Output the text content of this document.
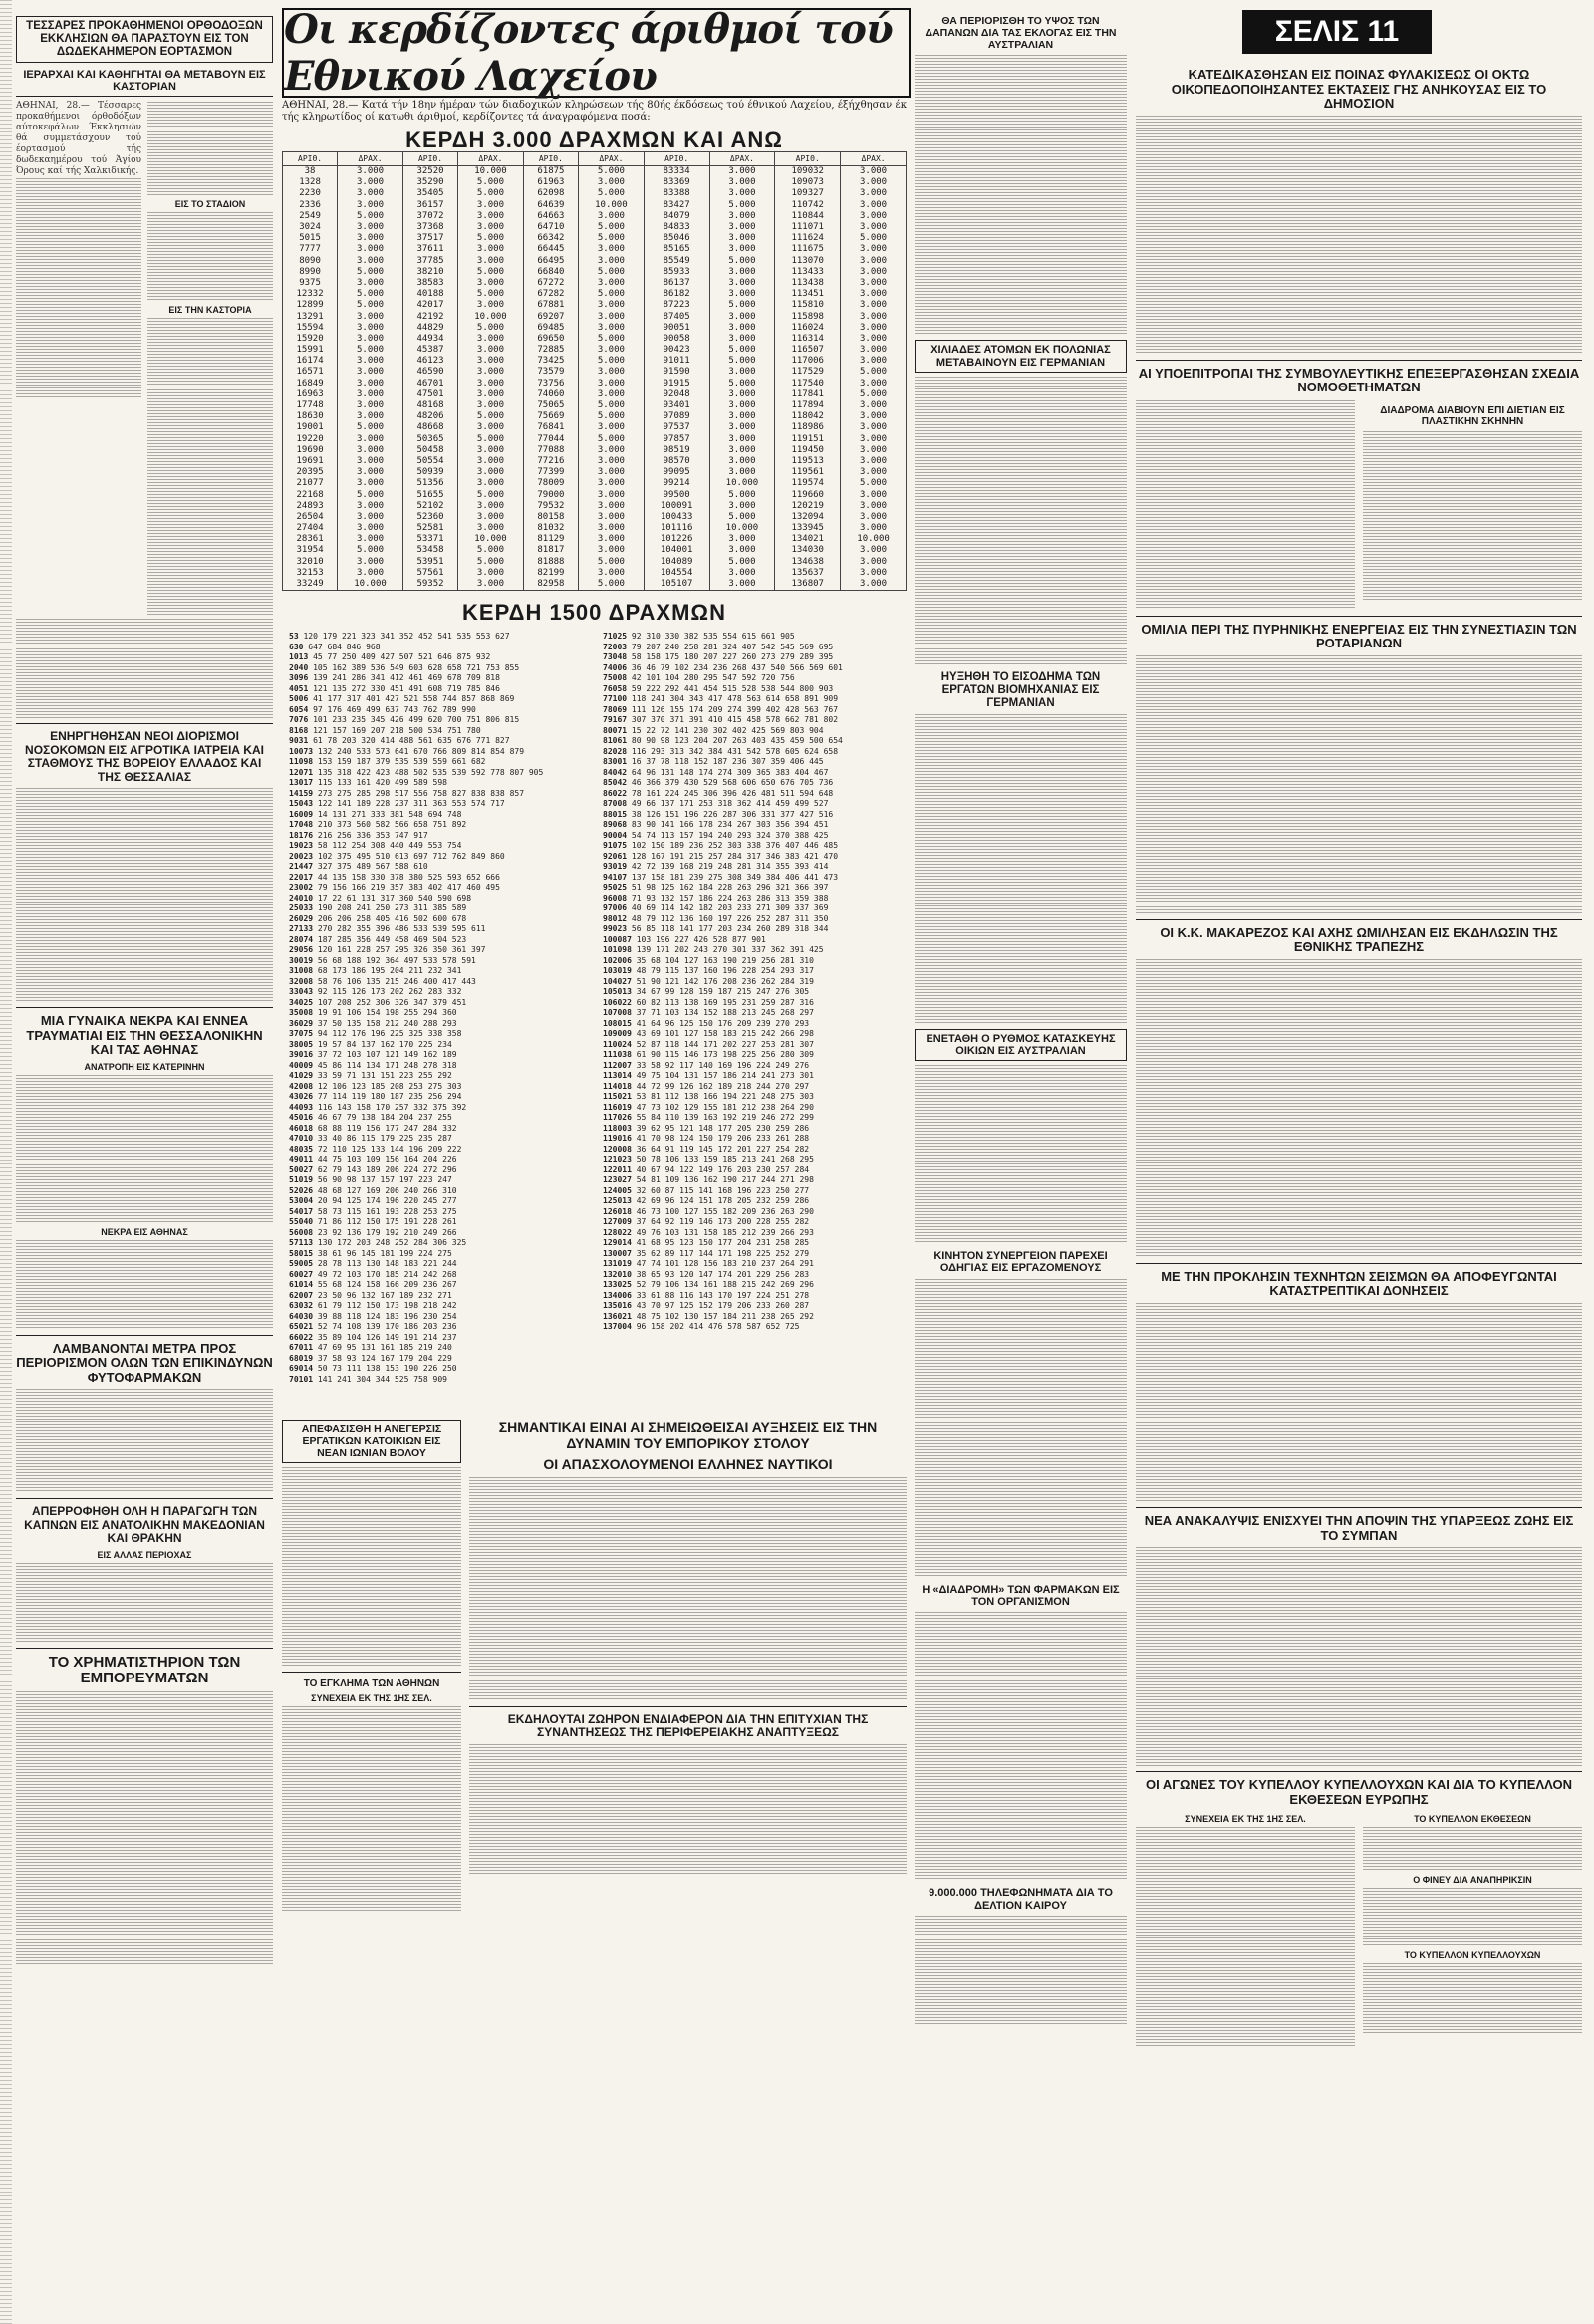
ΤΕΣΣΑΡΕΣ ΠΡΟΚΑΘΗΜΕΝΟΙ ΟΡΘΟΔΟΞΩΝ ΕΚΚΛΗΣΙΩΝ ΘΑ ΠΑΡΑΣΤΟΥΝ ΕΙΣ ΤΟΝ ΔΩΔΕΚΑΗΜΕΡΟΝ ΕΟΡΤΑΣΜΟΝ
ΙΕΡΑΡΧΑΙ ΚΑΙ ΚΑΘΗΓΗΤΑΙ ΘΑ ΜΕΤΑΒΟΥΝ ΕΙΣ ΚΑΣΤΟΡΙΑΝ

ΑΘΗΝΑΙ, 28.— Τέσσαρες προκαθήμενοι όρθοδόξων αύτοκεφάλων Έκκλησιών θά συμμετάσχουν τού έορτασμού τής δωδεκαημέρου τού Άγίου Όρους καί τής Χαλκιδικής.

ΕΙΣ ΤΟ ΣΤΑΔΙΟΝ
ΕΙΣ ΤΗΝ ΚΑΣΤΟΡΙΑ
ΕΝΗΡΓΗΘΗΣΑΝ ΝΕΟΙ ΔΙΟΡΙΣΜΟΙ ΝΟΣΟΚΟΜΩΝ ΕΙΣ ΑΓΡΟΤΙΚΑ ΙΑΤΡΕΙΑ ΚΑΙ ΣΤΑΘΜΟΥΣ ΤΗΣ ΒΟΡΕΙΟΥ ΕΛΛΑΔΟΣ ΚΑΙ ΤΗΣ ΘΕΣΣΑΛΙΑΣ
ΜΙΑ ΓΥΝΑΙΚΑ ΝΕΚΡΑ ΚΑΙ ΕΝΝΕΑ ΤΡΑΥΜΑΤΙΑΙ ΕΙΣ ΤΗΝ ΘΕΣΣΑΛΟΝΙΚΗΝ ΚΑΙ ΤΑΣ ΑΘΗΝΑΣ
ΑΝΑΤΡΟΠΗ ΕΙΣ ΚΑΤΕΡΙΝΗΝ
ΝΕΚΡΑ ΕΙΣ ΑΘΗΝΑΣ
ΛΑΜΒΑΝΟΝΤΑΙ ΜΕΤΡΑ ΠΡΟΣ ΠΕΡΙΟΡΙΣΜΟΝ ΟΛΩΝ ΤΩΝ ΕΠΙΚΙΝΔΥΝΩΝ ΦΥΤΟΦΑΡΜΑΚΩΝ
ΑΠΕΡΡΟΦΗΘΗ ΟΛΗ Η ΠΑΡΑΓΩΓΗ ΤΩΝ ΚΑΠΝΩΝ ΕΙΣ ΑΝΑΤΟΛΙΚΗΝ ΜΑΚΕΔΟΝΙΑΝ ΚΑΙ ΘΡΑΚΗΝ
ΕΙΣ ΑΛΛΑΣ ΠΕΡΙΟΧΑΣ
ΤΟ ΧΡΗΜΑΤΙΣΤΗΡΙΟΝ ΤΩΝ ΕΜΠΟΡΕΥΜΑΤΩΝ
Οι κερδίζοντες άριθμοί τού Εθνικού Λαχείου
ΑΘΗΝΑΙ, 28.— Κατά τήν 18ην ήμέραν τών διαδοχικών κληρώσεων τής 80ής έκδόσεως τού έθνικού Λαχείου, έξήχθησαν έκ τής κληρωτίδος οί κατωθι άριθμοί, κερδίζοντες τά άναγραφόμενα ποσά:
ΚΕΡΔΗ 3.000 ΔΡΑΧΜΩΝ ΚΑΙ ΑΝΩ
ΑΡΙΘ.	ΔΡΑΧ.	ΑΡΙΘ.	ΔΡΑΧ.	ΑΡΙΘ.	ΔΡΑΧ.	ΑΡΙΘ.	ΔΡΑΧ.	ΑΡΙΘ.	ΔΡΑΧ.
38	3.000	32520	10.000	61875	5.000	83334	3.000	109032	3.000
1328	3.000	35290	5.000	61963	3.000	83369	3.000	109073	3.000
2230	3.000	35405	5.000	62098	5.000	83388	3.000	109327	3.000
2336	3.000	36157	3.000	64639	10.000	83427	5.000	110742	3.000
2549	5.000	37072	3.000	64663	3.000	84079	3.000	110844	3.000
3024	3.000	37368	3.000	64710	5.000	84833	3.000	111071	3.000
5015	3.000	37517	5.000	66342	5.000	85046	3.000	111624	5.000
7777	3.000	37611	3.000	66445	3.000	85165	3.000	111675	3.000
8090	3.000	37785	3.000	66495	3.000	85549	5.000	113070	3.000
8990	5.000	38210	5.000	66840	5.000	85933	3.000	113433	3.000
9375	3.000	38583	3.000	67272	3.000	86137	3.000	113438	3.000
12332	5.000	40188	5.000	67282	5.000	86182	3.000	113451	3.000
12899	5.000	42017	3.000	67881	3.000	87223	5.000	115810	3.000
13291	3.000	42192	10.000	69207	3.000	87405	3.000	115898	3.000
15594	3.000	44829	5.000	69485	3.000	90051	3.000	116024	3.000
15920	3.000	44934	3.000	69650	5.000	90058	3.000	116314	3.000
15991	5.000	45387	3.000	72885	3.000	90423	5.000	116507	3.000
16174	3.000	46123	3.000	73425	5.000	91011	5.000	117006	3.000
16571	3.000	46590	3.000	73579	3.000	91590	3.000	117529	5.000
16849	3.000	46701	3.000	73756	3.000	91915	5.000	117540	3.000
16963	3.000	47501	3.000	74060	3.000	92048	3.000	117841	5.000
17748	3.000	48168	3.000	75065	5.000	93401	3.000	117894	3.000
18630	3.000	48206	5.000	75669	5.000	97089	3.000	118042	3.000
19001	5.000	48668	3.000	76841	3.000	97537	3.000	118986	3.000
19220	3.000	50365	5.000	77044	5.000	97857	3.000	119151	3.000
19690	3.000	50458	3.000	77088	3.000	98519	3.000	119450	3.000
19691	3.000	50554	3.000	77216	3.000	98570	3.000	119513	3.000
20395	3.000	50939	3.000	77399	3.000	99095	3.000	119561	3.000
21077	3.000	51356	3.000	78009	3.000	99214	10.000	119574	5.000
22168	5.000	51655	5.000	79000	3.000	99500	5.000	119660	3.000
24893	3.000	52102	3.000	79532	3.000	100091	3.000	120219	3.000
26504	3.000	52360	3.000	80158	3.000	100433	5.000	132094	3.000
27404	3.000	52581	3.000	81032	3.000	101116	10.000	133945	3.000
28361	3.000	53371	10.000	81129	3.000	101226	3.000	134021	10.000
31954	5.000	53458	5.000	81817	3.000	104001	3.000	134030	3.000
32010	3.000	53951	5.000	81888	5.000	104089	5.000	134638	3.000
32153	3.000	57561	3.000	82199	3.000	104554	3.000	135637	3.000
33249	10.000	59352	3.000	82958	5.000	105107	3.000	136807	3.000
ΚΕΡΔΗ 1500 ΔΡΑΧΜΩΝ
53 120 179 221 323 341 352 452 541 535 553 627
630 647 684 846 968
1013 45 77 250 409 427 507 521 646 875 932
2040 105 162 389 536 549 603 628 658 721 753 855
3096 139 241 286 341 412 461 469 678 709 818
4051 121 135 272 330 451 491 608 719 785 846
5006 41 177 317 401 427 521 558 744 857 868 869
6054 97 176 469 499 637 743 762 789 990
7076 101 233 235 345 426 499 620 700 751 806 815
8168 121 157 169 207 218 500 534 751 780
9031 61 78 203 320 414 488 561 635 676 771 827
10073 132 240 533 573 641 670 766 809 814 854 879
11098 153 159 187 379 535 539 559 661 682
12071 135 318 422 423 488 502 535 539 592 778 807 905
13017 115 133 161 420 499 589 598
14159 273 275 285 298 517 556 758 827 838 838 857
15043 122 141 189 228 237 311 363 553 574 717
16009 14 131 271 333 381 548 694 748
17048 210 373 560 582 566 658 751 892
18176 216 256 336 353 747 917
19023 58 112 254 308 440 449 553 754
20023 102 375 495 510 613 697 712 762 849 860
21447 327 375 489 567 588 610
22017 44 135 158 330 378 380 525 593 652 666
23002 79 156 166 219 357 383 402 417 460 495
24010 17 22 61 131 317 360 540 590 698
25033 190 208 241 250 273 311 385 589
26029 206 206 258 405 416 502 600 678
27133 270 282 355 396 486 533 539 595 611
28074 187 285 356 449 458 469 504 523
29056 120 161 228 257 295 326 350 361 397
30019 56 68 188 192 364 497 533 578 591
31008 68 173 186 195 204 211 232 341
32008 58 76 106 135 215 246 400 417 443
33043 92 115 126 173 202 262 283 332
34025 107 208 252 306 326 347 379 451
35008 19 91 106 154 198 255 294 360
36029 37 50 135 158 212 240 288 293
37075 94 112 176 196 225 325 338 358
38005 19 57 84 137 162 170 225 234
39016 37 72 103 107 121 149 162 189
40009 45 86 114 134 171 248 278 318
41029 33 59 71 131 151 223 255 292
42008 12 106 123 185 208 253 275 303
43026 77 114 119 180 187 235 256 294
44093 116 143 158 170 257 332 375 392
45016 46 67 79 138 184 204 237 255
46018 68 88 119 156 177 247 284 332
47010 33 40 86 115 179 225 235 287
48035 72 110 125 133 144 196 209 222
49011 44 75 103 109 156 164 204 226
50027 62 79 143 189 206 224 272 296
51019 56 90 98 137 157 197 223 247
52026 48 68 127 169 206 240 266 310
53004 20 94 125 174 196 220 245 277
54017 58 73 115 161 193 228 253 275
55040 71 86 112 150 175 191 228 261
56008 23 92 136 179 192 210 249 266
57113 130 172 203 248 252 284 306 325
58015 38 61 96 145 181 199 224 275
59005 28 78 113 130 148 183 221 244
60027 49 72 103 170 185 214 242 268
61014 55 68 124 158 166 209 236 267
62007 23 50 96 132 167 189 232 271
63032 61 79 112 150 173 198 218 242
64030 39 88 118 124 183 196 230 254
65021 52 74 108 139 170 186 203 236
66022 35 89 104 126 149 191 214 237
67011 47 69 95 131 161 185 219 240
68019 37 58 93 124 167 179 204 229
69014 50 73 111 138 153 190 226 250
70101 141 241 304 344 525 758 909
71025 92 310 330 382 535 554 615 661 905
72003 79 207 240 258 281 324 407 542 545 569 695
73048 58 158 175 180 207 227 260 273 279 289 395
74006 36 46 79 102 234 236 268 437 540 566 569 601
75008 42 101 104 280 295 547 592 720 756
76058 59 222 292 441 454 515 528 538 544 800 903
77100 118 241 304 343 417 478 563 614 658 891 909
78069 111 126 155 174 209 274 399 402 428 563 767
79167 307 370 371 391 410 415 458 578 662 781 802
80071 15 22 72 141 230 302 402 425 569 803 904
81061 80 90 98 123 204 207 263 403 435 459 500 654
82028 116 293 313 342 384 431 542 578 605 624 658
83001 16 37 78 118 152 187 236 307 359 406 445
84042 64 96 131 148 174 274 309 365 383 404 467
85042 46 366 379 430 529 568 606 650 676 705 736
86022 78 161 224 245 306 396 426 481 511 594 648
87008 49 66 137 171 253 318 362 414 459 499 527
88015 38 126 151 196 226 287 306 331 377 427 516
89068 83 90 141 166 178 234 267 303 356 394 451
90004 54 74 113 157 194 240 293 324 370 388 425
91075 102 150 189 236 252 303 338 376 407 446 485
92061 128 167 191 215 257 284 317 346 383 421 470
93019 42 72 139 168 219 248 281 314 355 393 414
94107 137 158 181 239 275 308 349 384 406 441 473
95025 51 98 125 162 184 228 263 296 321 366 397
96008 71 93 132 157 186 224 263 286 313 359 388
97006 40 69 114 142 182 203 233 271 309 337 369
98012 48 79 112 136 160 197 226 252 287 311 350
99023 56 85 118 141 177 203 234 260 289 318 344
100087 103 196 227 426 528 877 901
101098 139 171 202 243 270 301 337 362 391 425
102006 35 68 104 127 163 190 219 256 281 310
103019 48 79 115 137 160 196 228 254 293 317
104027 51 90 121 142 176 208 236 262 284 319
105013 34 67 99 128 159 187 215 247 276 305
106022 60 82 113 138 169 195 231 259 287 316
107008 37 71 103 134 152 188 213 245 268 297
108015 41 64 96 125 150 176 209 239 270 293
109009 43 69 101 127 158 183 215 242 266 298
110024 52 87 118 144 171 202 227 253 281 307
111038 61 90 115 146 173 198 225 256 280 309
112007 33 58 92 117 140 169 196 224 249 276
113014 49 75 104 131 157 186 214 241 273 301
114018 44 72 99 126 162 189 218 244 270 297
115021 53 81 112 138 166 194 221 248 275 303
116019 47 73 102 129 155 181 212 238 264 290
117026 55 84 110 139 163 192 219 246 272 299
118003 39 62 95 121 148 177 205 230 259 286
119016 41 70 98 124 150 179 206 233 261 288
120008 36 64 91 119 145 172 201 227 254 282
121023 50 78 106 133 159 185 213 241 268 295
122011 40 67 94 122 149 176 203 230 257 284
123027 54 81 109 136 162 190 217 244 271 298
124005 32 60 87 115 141 168 196 223 250 277
125013 42 69 96 124 151 178 205 232 259 286
126018 46 73 100 127 155 182 209 236 263 290
127009 37 64 92 119 146 173 200 228 255 282
128022 49 76 103 131 158 185 212 239 266 293
129014 41 68 95 123 150 177 204 231 258 285
130007 35 62 89 117 144 171 198 225 252 279
131019 47 74 101 128 156 183 210 237 264 291
132010 38 65 93 120 147 174 201 229 256 283
133025 52 79 106 134 161 188 215 242 269 296
134006 33 61 88 116 143 170 197 224 251 278
135016 43 70 97 125 152 179 206 233 260 287
136021 48 75 102 130 157 184 211 238 265 292
137004 96 158 202 414 476 578 587 652 725
ΑΠΕΦΑΣΙΣΘΗ Η ΑΝΕΓΕΡΣΙΣ ΕΡΓΑΤΙΚΩΝ ΚΑΤΟΙΚΙΩΝ ΕΙΣ ΝΕΑΝ ΙΩΝΙΑΝ ΒΟΛΟΥ
ΤΟ ΕΓΚΛΗΜΑ ΤΩΝ ΑΘΗΝΩΝ
ΣΥΝΕΧΕΙΑ ΕΚ ΤΗΣ 1ΗΣ ΣΕΛ.
ΣΗΜΑΝΤΙΚΑΙ ΕΙΝΑΙ ΑΙ ΣΗΜΕΙΩΘΕΙΣΑΙ ΑΥΞΗΣΕΙΣ ΕΙΣ ΤΗΝ ΔΥΝΑΜΙΝ ΤΟΥ ΕΜΠΟΡΙΚΟΥ ΣΤΟΛΟΥ
ΟΙ ΑΠΑΣΧΟΛΟΥΜΕΝΟΙ ΕΛΛΗΝΕΣ ΝΑΥΤΙΚΟΙ
ΕΚΔΗΛΟΥΤΑΙ ΖΩΗΡΟΝ ΕΝΔΙΑΦΕΡΟΝ ΔΙΑ ΤΗΝ ΕΠΙΤΥΧΙΑΝ ΤΗΣ ΣΥΝΑΝΤΗΣΕΩΣ ΤΗΣ ΠΕΡΙΦΕΡΕΙΑΚΗΣ ΑΝΑΠΤΥΞΕΩΣ
ΘΑ ΠΕΡΙΟΡΙΣΘΗ ΤΟ ΥΨΟΣ ΤΩΝ ΔΑΠΑΝΩΝ ΔΙΑ ΤΑΣ ΕΚΛΟΓΑΣ ΕΙΣ ΤΗΝ ΑΥΣΤΡΑΛΙΑΝ
ΧΙΛΙΑΔΕΣ ΑΤΟΜΩΝ ΕΚ ΠΟΛΩΝΙΑΣ ΜΕΤΑΒΑΙΝΟΥΝ ΕΙΣ ΓΕΡΜΑΝΙΑΝ
ΗΥΞΗΘΗ ΤΟ ΕΙΣΟΔΗΜΑ ΤΩΝ ΕΡΓΑΤΩΝ ΒΙΟΜΗΧΑΝΙΑΣ ΕΙΣ ΓΕΡΜΑΝΙΑΝ
ΕΝΕΤΑΘΗ Ο ΡΥΘΜΟΣ ΚΑΤΑΣΚΕΥΗΣ ΟΙΚΙΩΝ ΕΙΣ ΑΥΣΤΡΑΛΙΑΝ
ΚΙΝΗΤΟΝ ΣΥΝΕΡΓΕΙΟΝ ΠΑΡΕΧΕΙ ΟΔΗΓΙΑΣ ΕΙΣ ΕΡΓΑΖΟΜΕΝΟΥΣ
Η «ΔΙΑΔΡΟΜΗ» ΤΩΝ ΦΑΡΜΑΚΩΝ ΕΙΣ ΤΟΝ ΟΡΓΑΝΙΣΜΟΝ
9.000.000 ΤΗΛΕΦΩΝΗΜΑΤΑ ΔΙΑ ΤΟ ΔΕΛΤΙΟΝ ΚΑΙΡΟΥ
ΣΕΛΙΣ 11
ΚΑΤΕΔΙΚΑΣΘΗΣΑΝ ΕΙΣ ΠΟΙΝΑΣ ΦΥΛΑΚΙΣΕΩΣ ΟΙ ΟΚΤΩ ΟΙΚΟΠΕΔΟΠΟΙΗΣΑΝΤΕΣ ΕΚΤΑΣΕΙΣ ΓΗΣ ΑΝΗΚΟΥΣΑΣ ΕΙΣ ΤΟ ΔΗΜΟΣΙΟΝ
ΑΙ ΥΠΟΕΠΙΤΡΟΠΑΙ ΤΗΣ ΣΥΜΒΟΥΛΕΥΤΙΚΗΣ ΕΠΕΞΕΡΓΑΣΘΗΣΑΝ ΣΧΕΔΙΑ ΝΟΜΟΘΕΤΗΜΑΤΩΝ
ΔΙΑΔΡΟΜΑ ΔΙΑΒΙΟΥΝ ΕΠΙ ΔΙΕΤΙΑΝ ΕΙΣ ΠΛΑΣΤΙΚΗΝ ΣΚΗΝΗΝ
ΟΜΙΛΙΑ ΠΕΡΙ ΤΗΣ ΠΥΡΗΝΙΚΗΣ ΕΝΕΡΓΕΙΑΣ ΕΙΣ ΤΗΝ ΣΥΝΕΣΤΙΑΣΙΝ ΤΩΝ ΡΟΤΑΡΙΑΝΩΝ
ΟΙ Κ.Κ. ΜΑΚΑΡΕΖΟΣ ΚΑΙ ΑΧΗΣ ΩΜΙΛΗΣΑΝ ΕΙΣ ΕΚΔΗΛΩΣΙΝ ΤΗΣ ΕΘΝΙΚΗΣ ΤΡΑΠΕΖΗΣ
ΜΕ ΤΗΝ ΠΡΟΚΛΗΣΙΝ ΤΕΧΝΗΤΩΝ ΣΕΙΣΜΩΝ ΘΑ ΑΠΟΦΕΥΓΩΝΤΑΙ ΚΑΤΑΣΤΡΕΠΤΙΚΑΙ ΔΟΝΗΣΕΙΣ
ΝΕΑ ΑΝΑΚΑΛΥΨΙΣ ΕΝΙΣΧΥΕΙ ΤΗΝ ΑΠΟΨΙΝ ΤΗΣ ΥΠΑΡΞΕΩΣ ΖΩΗΣ ΕΙΣ ΤΟ ΣΥΜΠΑΝ
ΟΙ ΑΓΩΝΕΣ ΤΟΥ ΚΥΠΕΛΛΟΥ ΚΥΠΕΛΛΟΥΧΩΝ ΚΑΙ ΔΙΑ ΤΟ ΚΥΠΕΛΛΟΝ ΕΚΘΕΣΕΩΝ ΕΥΡΩΠΗΣ
ΣΥΝΕΧΕΙΑ ΕΚ ΤΗΣ 1ΗΣ ΣΕΛ.	ΤΟ ΚΥΠΕΛΛΟΝ ΕΚΘΕΣΕΩΝ
Ο ΦΙΝΕΥ ΔΙΑ ΑΝΑΠΗΡΙΚΣΙΝ
ΤΟ ΚΥΠΕΛΛΟΝ ΚΥΠΕΛΛΟΥΧΩΝ
